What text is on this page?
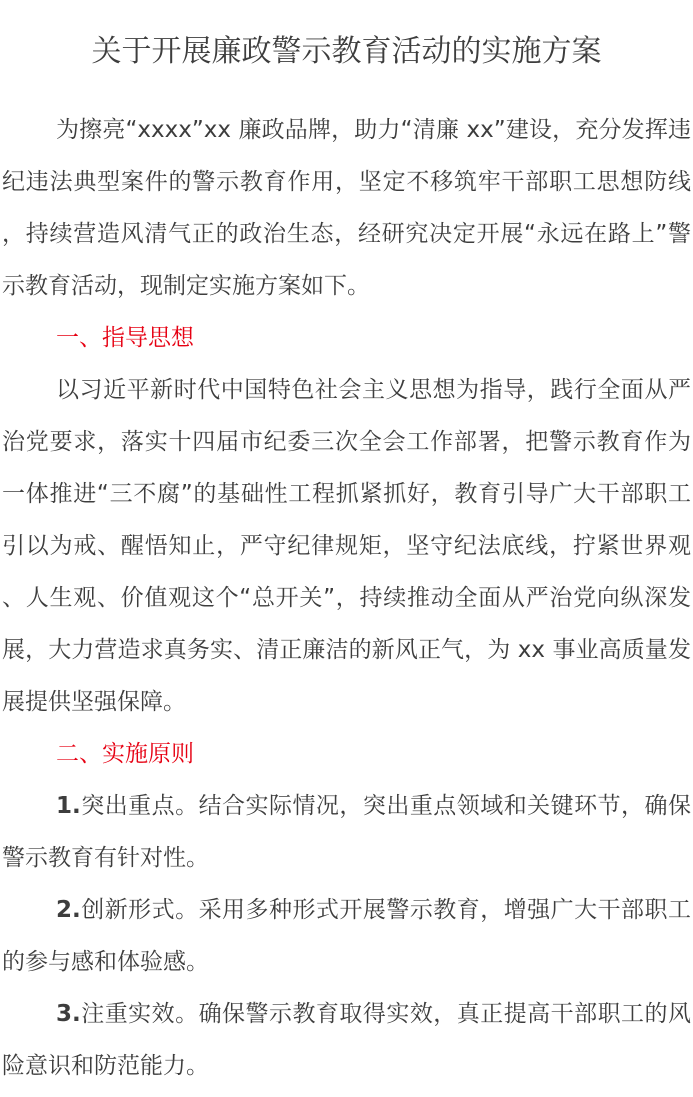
关于开展廉政警示教育活动的实施方案

为擦亮“xxxx”xx 廉政品牌，助力“清廉 xx”建设，充分发挥违纪违法典型案件的警示教育作用，坚定不移筑牢干部职工思想防线，持续营造风清气正的政治生态，经研究决定开展“永远在路上”警示教育活动，现制定实施方案如下。

一、指导思想

以习近平新时代中国特色社会主义思想为指导，践行全面从严治党要求，落实十四届市纪委三次全会工作部署，把警示教育作为一体推进“三不腐”的基础性工程抓紧抓好，教育引导广大干部职工引以为戒、醒悟知止，严守纪律规矩，坚守纪法底线，拧紧世界观、人生观、价值观这个“总开关”，持续推动全面从严治党向纵深发展，大力营造求真务实、清正廉洁的新风正气，为 xx 事业高质量发展提供坚强保障。

二、实施原则

1.突出重点。结合实际情况，突出重点领域和关键环节，确保警示教育有针对性。

2.创新形式。采用多种形式开展警示教育，增强广大干部职工的参与感和体验感。

3.注重实效。确保警示教育取得实效，真正提高干部职工的风险意识和防范能力。
